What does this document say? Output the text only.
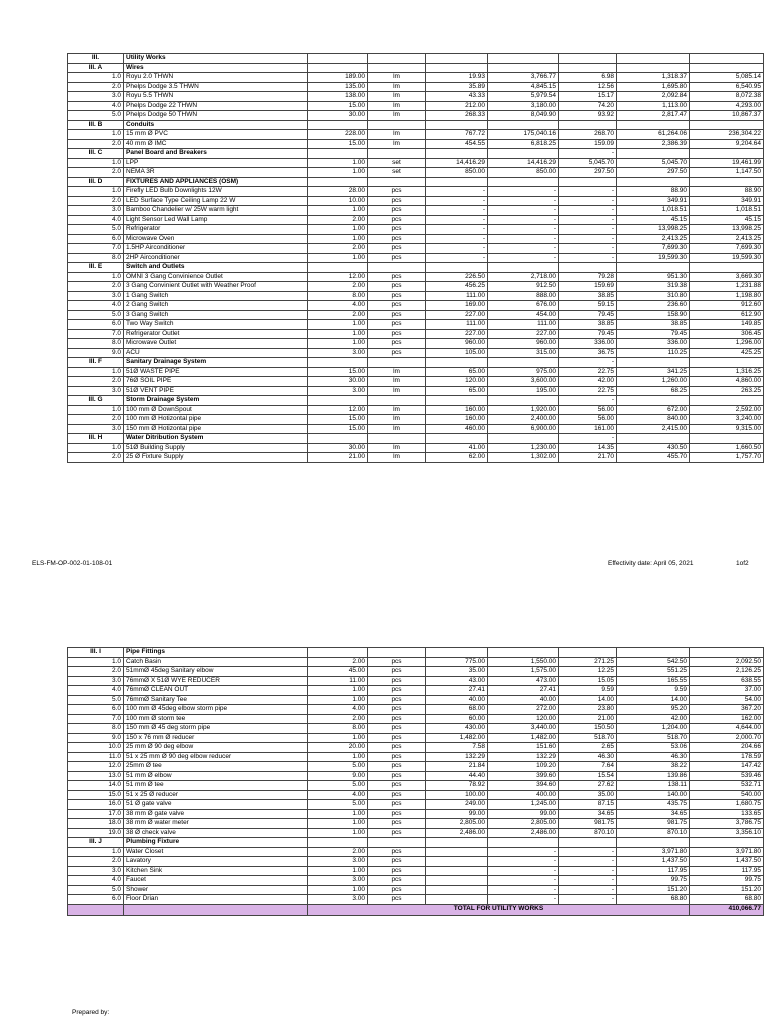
III.	Utility Works							
III. A	Wires							
1.0	Royu 2.0 THWN	189.00	lm	19.93	3,766.77	6.98	1,318.37	5,085.14
2.0	Phelps Dodge 3.5 THWN	135.00	lm	35.89	4,845.15	12.56	1,695.80	6,540.95
3.0	Royu 5.5 THWN	138.00	lm	43.33	5,979.54	15.17	2,092.84	8,072.38
4.0	Phelps Dodge 22 THWN	15.00	lm	212.00	3,180.00	74.20	1,113.00	4,293.00
5.0	Phelps Dodge 50 THWN	30.00	lm	268.33	8,049.90	93.92	2,817.47	10,867.37
III. B	Conduits							
1.0	15 mm Ø PVC	228.00	lm	767.72	175,040.16	268.70	61,264.06	236,304.22
2.0	40 mm Ø IMC	15.00	lm	454.55	6,818.25	159.09	2,386.39	9,204.64
III. C	Panel Board and Breakers					-		
1.0	LPP	1.00	set	14,416.29	14,416.29	5,045.70	5,045.70	19,461.99
2.0	NEMA 3R	1.00	set	850.00	850.00	297.50	297.50	1,147.50
III. D	FIXTURES AND APPLIANCES (OSM)							
1.0	Firefly LED Bulb Downlights 12W	28.00	pcs	-	-	-	88.90	88.90
2.0	LED Surface Type Ceiling Lamp 22 W	10.00	pcs	-	-	-	349.91	349.91
3.0	Bamboo Chandelier w/ 25W warm light	1.00	pcs	-	-	-	1,018.51	1,018.51
4.0	Light Sensor Led Wall Lamp	2.00	pcs	-	-	-	45.15	45.15
5.0	Refrigerator	1.00	pcs	-	-	-	13,998.25	13,998.25
6.0	Microwave Oven	1.00	pcs	-	-	-	2,413.25	2,413.25
7.0	1.5HP Airconditioner	2.00	pcs	-	-	-	7,699.30	7,699.30
8.0	2HP Airconditioner	1.00	pcs	-	-	-	19,599.30	19,599.30
III. E	Switch and Outlets							
1.0	OMNI 3 Gang Convinience Outlet	12.00	pcs	226.50	2,718.00	79.28	951.30	3,669.30
2.0	3 Gang Convinient Outlet with Weather Proof	2.00	pcs	456.25	912.50	159.69	319.38	1,231.88
3.0	1 Gang Switch	8.00	pcs	111.00	888.00	38.85	310.80	1,198.80
4.0	2 Gang Switch	4.00	pcs	169.00	676.00	59.15	236.60	912.60
5.0	3 Gang Switch	2.00	pcs	227.00	454.00	79.45	158.90	612.90
6.0	Two Way Switch	1.00	pcs	111.00	111.00	38.85	38.85	149.85
7.0	Refrigerator Outlet	1.00	pcs	227.00	227.00	79.45	79.45	306.45
8.0	Microwave Outlet	1.00	pcs	960.00	960.00	336.00	336.00	1,296.00
9.0	ACU	3.00	pcs	105.00	315.00	36.75	110.25	425.25
III. F	Sanitary Drainage System					-		
1.0	51Ø WASTE PIPE	15.00	lm	65.00	975.00	22.75	341.25	1,316.25
2.0	76Ø SOIL PIPE	30.00	lm	120.00	3,600.00	42.00	1,260.00	4,860.00
3.0	51Ø VENT PIPE	3.00	lm	65.00	195.00	22.75	68.25	263.25
III. G	Storm Drainage System					-		
1.0	100 mm Ø DownSpout	12.00	lm	160.00	1,920.00	56.00	672.00	2,592.00
2.0	100 mm Ø Hotizontal pipe	15.00	lm	160.00	2,400.00	56.00	840.00	3,240.00
3.0	150 mm Ø Hotizontal pipe	15.00	lm	460.00	6,900.00	161.00	2,415.00	9,315.00
III. H	Water Ditribution System					-		
1.0	51Ø Building Supply	30.00	lm	41.00	1,230.00	14.35	430.50	1,660.50
2.0	25 Ø Fixture Supply	21.00	lm	62.00	1,302.00	21.70	455.70	1,757.70
ELS-FM-OP-002-01-108-01	Effectivity date: April 05, 2021	1of2
III. I	Pipe Fittings							
1.0	Catch Basin	2.00	pcs	775.00	1,550.00	271.25	542.50	2,092.50
2.0	51mmØ 45deg Sanitary elbow	45.00	pcs	35.00	1,575.00	12.25	551.25	2,126.25
3.0	76mmØ X 51Ø WYE REDUCER	11.00	pcs	43.00	473.00	15.05	165.55	638.55
4.0	76mmØ CLEAN OUT	1.00	pcs	27.41	27.41	9.59	9.59	37.00
5.0	76mmØ Sanitary Tee	1.00	pcs	40.00	40.00	14.00	14.00	54.00
6.0	100 mm Ø 45deg elbow storm pipe	4.00	pcs	68.00	272.00	23.80	95.20	367.20
7.0	100 mm Ø storm tee	2.00	pcs	60.00	120.00	21.00	42.00	162.00
8.0	150 mm Ø 45 deg storm pipe	8.00	pcs	430.00	3,440.00	150.50	1,204.00	4,644.00
9.0	150 x 76 mm Ø reducer	1.00	pcs	1,482.00	1,482.00	518.70	518.70	2,000.70
10.0	25 mm Ø 90 deg elbow	20.00	pcs	7.58	151.60	2.65	53.06	204.66
11.0	51 x 25 mm Ø 90 deg elbow reducer	1.00	pcs	132.29	132.29	46.30	46.30	178.59
12.0	25mm Ø tee	5.00	pcs	21.84	109.20	7.64	38.22	147.42
13.0	51 mm Ø elbow	9.00	pcs	44.40	399.60	15.54	139.86	539.46
14.0	51 mm Ø tee	5.00	pcs	78.92	394.60	27.62	138.11	532.71
15.0	51 x 25 Ø reducer	4.00	pcs	100.00	400.00	35.00	140.00	540.00
16.0	51 Ø gate valve	5.00	pcs	249.00	1,245.00	87.15	435.75	1,680.75
17.0	38 mm Ø gate valve	1.00	pcs	99.00	99.00	34.65	34.65	133.65
18.0	38 mm Ø water meter	1.00	pcs	2,805.00	2,805.00	981.75	981.75	3,786.75
19.0	38 Ø check valve	1.00	pcs	2,486.00	2,486.00	870.10	870.10	3,356.10
III. J	Plumbing Fixture							
1.0	Water Closet	2.00	pcs		-	-	3,971.80	3,971.80
2.0	Lavatory	3.00	pcs		-	-	1,437.50	1,437.50
3.0	Kitchen Sink	1.00	pcs		-	-	117.95	117.95
4.0	Faucet	3.00	pcs		-	-	99.75	99.75
5.0	Shower	1.00	pcs		-	-	151.20	151.20
6.0	Floor Drian	3.00	pcs		-	-	68.80	68.80
		TOTAL FOR UTILITY WORKS						410,066.77
Prepared by:
